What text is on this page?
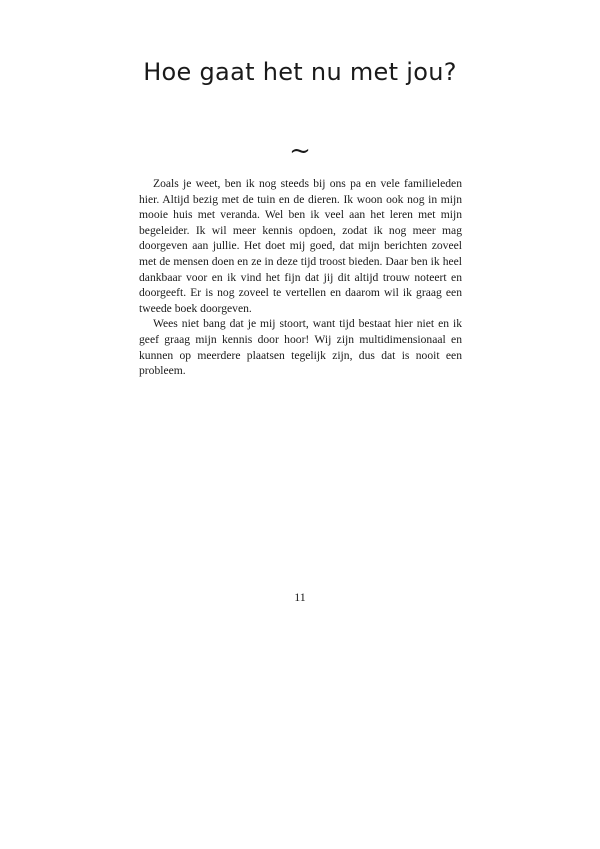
Hoe gaat het nu met jou?
~

Zoals je weet, ben ik nog steeds bij ons pa en vele familieleden hier. Altijd bezig met de tuin en de dieren. Ik woon ook nog in mijn mooie huis met veranda. Wel ben ik veel aan het leren met mijn begeleider. Ik wil meer kennis opdoen, zodat ik nog meer mag doorgeven aan jullie. Het doet mij goed, dat mijn berichten zoveel met de mensen doen en ze in deze tijd troost bieden. Daar ben ik heel dankbaar voor en ik vind het fijn dat jij dit altijd trouw noteert en doorgeeft. Er is nog zoveel te vertellen en daarom wil ik graag een tweede boek doorgeven.

Wees niet bang dat je mij stoort, want tijd bestaat hier niet en ik geef graag mijn kennis door hoor! Wij zijn multidimensionaal en kunnen op meerdere plaatsen tegelijk zijn, dus dat is nooit een probleem.

11
